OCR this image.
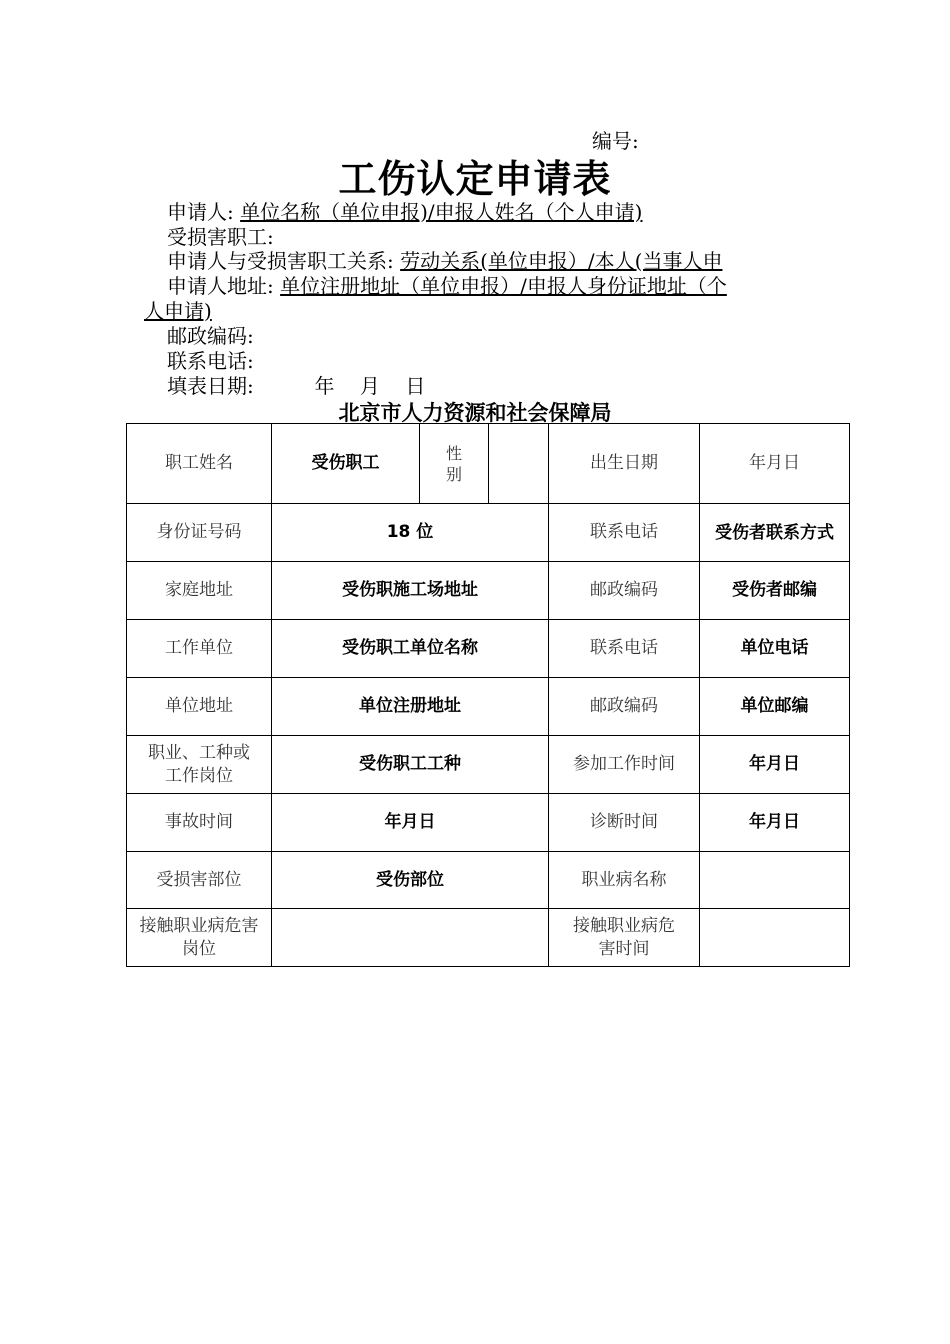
编号:
工伤认定申请表
申请人: 单位名称（单位申报)/申报人姓名（个人申请)
受损害职工:
申请人与受损害职工关系: 劳动关系(单位申报）/本人(当事人申
申请人地址: 单位注册地址（单位申报）/申报人身份证地址（个
人申请)
邮政编码:
联系电话:
填表日期:	年    月    日
北京市人力资源和社会保障局
职工姓名	受伤职工	性别		出生日期	年月日
身份证号码	18 位			联系电话	受伤者联系方式
家庭地址	受伤职施工场地址			邮政编码	受伤者邮编
工作单位	受伤职工单位名称			联系电话	单位电话
单位地址	单位注册地址			邮政编码	单位邮编
职业、工种或工作岗位	受伤职工工种			参加工作时间	年月日
事故时间	年月日			诊断时间	年月日
受损害部位	受伤部位			职业病名称	
接触职业病危害岗位				接触职业病危害时间	
